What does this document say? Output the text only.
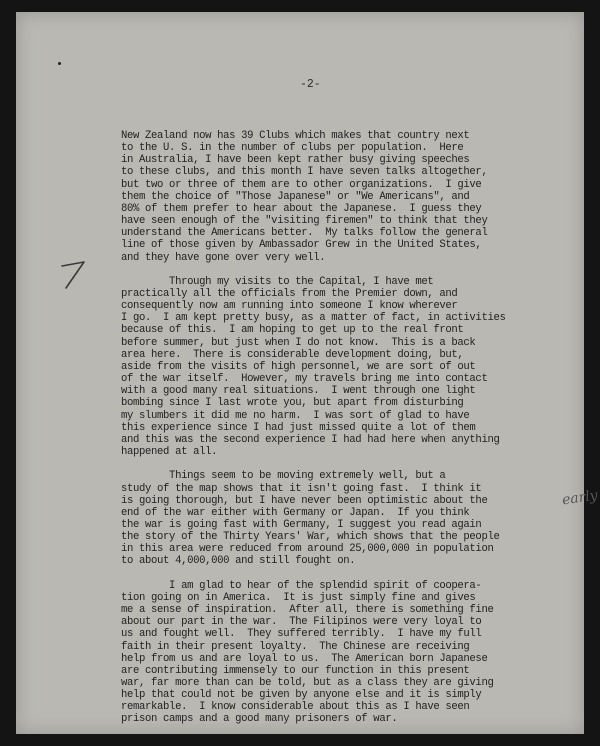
-2-
early
New Zealand now has 39 Clubs which makes that country next
to the U. S. in the number of clubs per population.  Here
in Australia, I have been kept rather busy giving speeches
to these clubs, and this month I have seven talks altogether,
but two or three of them are to other organizations.  I give
them the choice of "Those Japanese" or "We Americans", and
80% of them prefer to hear about the Japanese.  I guess they
have seen enough of the "visiting firemen" to think that they
understand the Americans better.  My talks follow the general
line of those given by Ambassador Grew in the United States,
and they have gone over very well.
Through my visits to the Capital, I have met
practically all the officials from the Premier down, and
consequently now am running into someone I know wherever
I go.  I am kept pretty busy, as a matter of fact, in activities
because of this.  I am hoping to get up to the real front
before summer, but just when I do not know.  This is a back
area here.  There is considerable development doing, but,
aside from the visits of high personnel, we are sort of out
of the war itself.  However, my travels bring me into contact
with a good many real situations.  I went through one light
bombing since I last wrote you, but apart from disturbing
my slumbers it did me no harm.  I was sort of glad to have
this experience since I had just missed quite a lot of them
and this was the second experience I had had here when anything
happened at all.
Things seem to be moving extremely well, but a
study of the map shows that it isn't going fast.  I think it
is going thorough, but I have never been optimistic about the
end of the war either with Germany or Japan.  If you think
the war is going fast with Germany, I suggest you read again
the story of the Thirty Years' War, which shows that the people
in this area were reduced from around 25,000,000 in population
to about 4,000,000 and still fought on.
I am glad to hear of the splendid spirit of coopera-
tion going on in America.  It is just simply fine and gives
me a sense of inspiration.  After all, there is something fine
about our part in the war.  The Filipinos were very loyal to
us and fought well.  They suffered terribly.  I have my full
faith in their present loyalty.  The Chinese are receiving
help from us and are loyal to us.  The American born Japanese
are contributing immensely to our function in this present
war, far more than can be told, but as a class they are giving
help that could not be given by anyone else and it is simply
remarkable.  I know considerable about this as I have seen
prison camps and a good many prisoners of war.
